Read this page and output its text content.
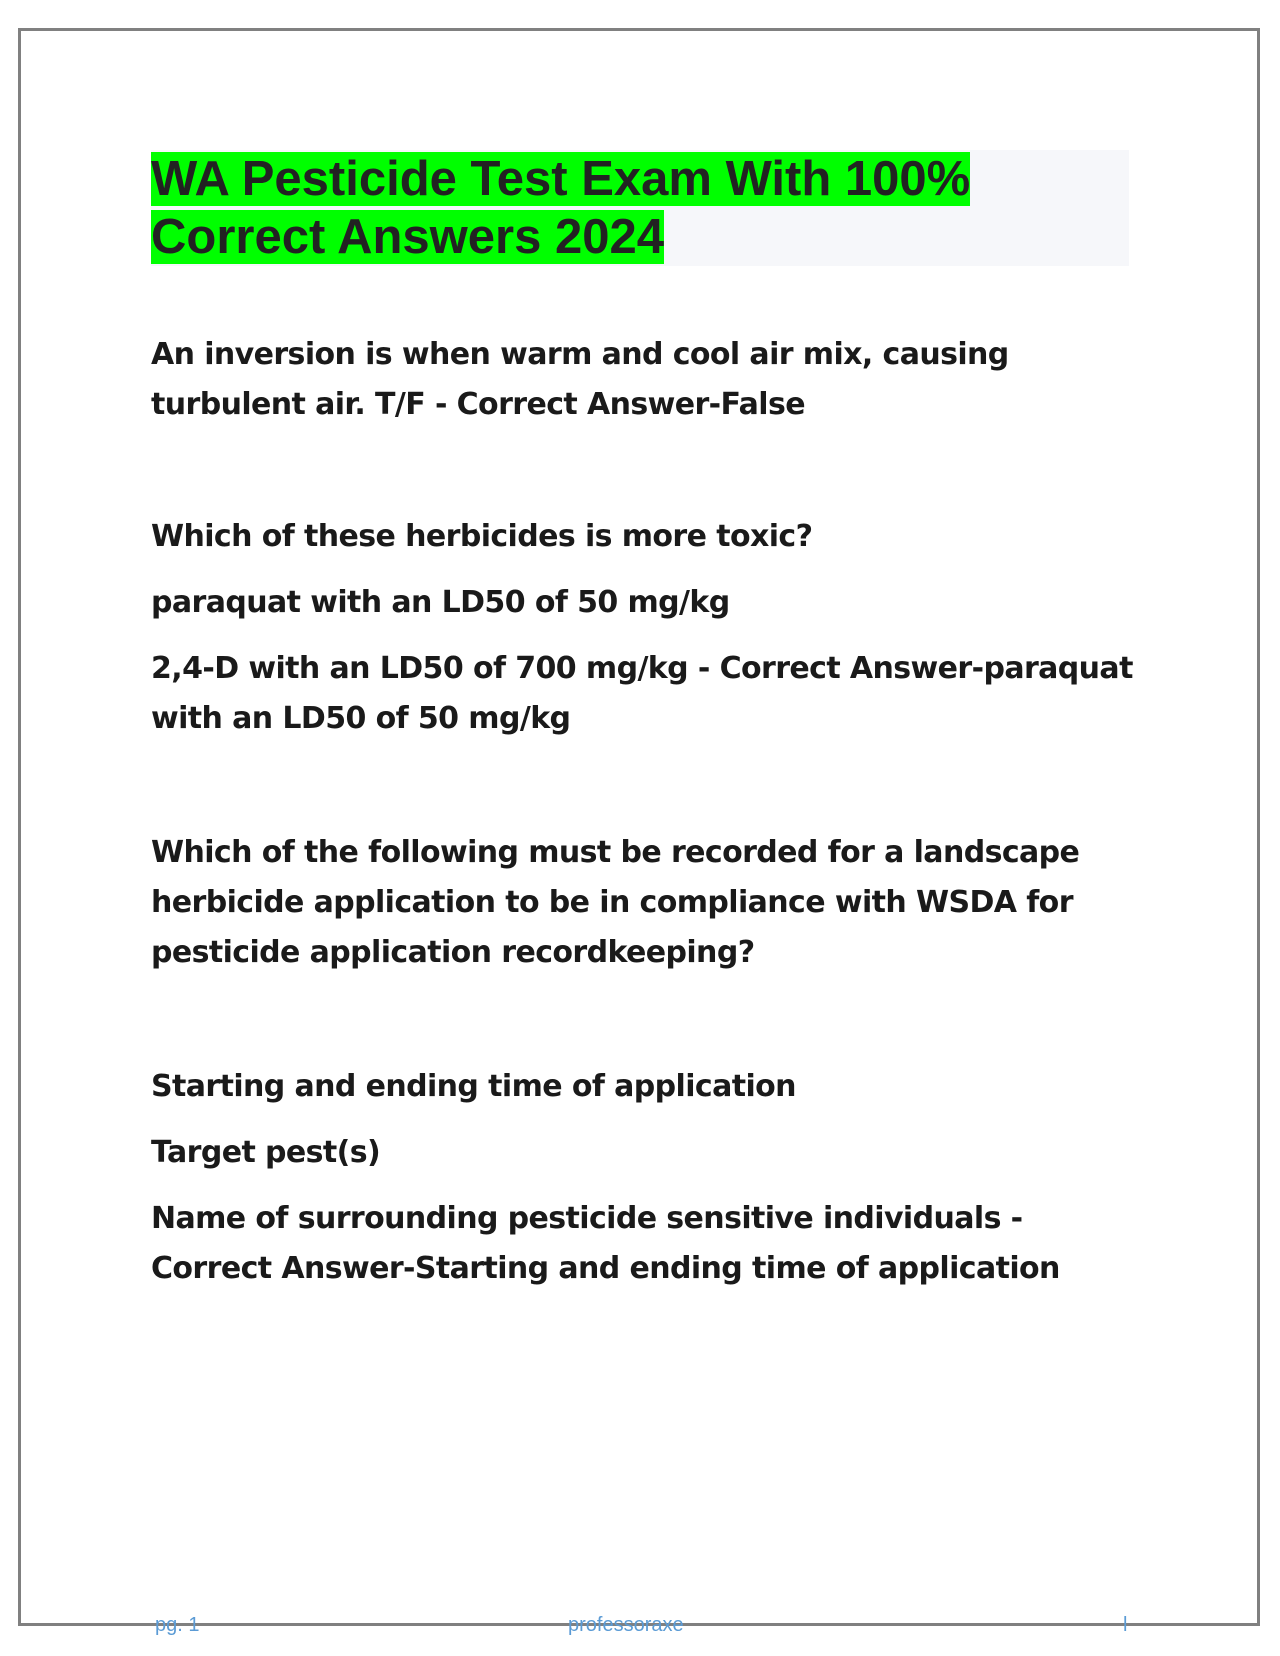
WA Pesticide Test Exam With 100% Correct Answers 2024

An inversion is when warm and cool air mix, causing turbulent air. T/F - Correct Answer-False

Which of these herbicides is more toxic?

paraquat with an LD50 of 50 mg/kg

2,4-D with an LD50 of 700 mg/kg - Correct Answer-paraquat with an LD50 of 50 mg/kg

Which of the following must be recorded for a landscape herbicide application to be in compliance with WSDA for pesticide application recordkeeping?

Starting and ending time of application

Target pest(s)

Name of surrounding pesticide sensitive individuals - Correct Answer-Starting and ending time of application

pg. 1	professoraxe	l
